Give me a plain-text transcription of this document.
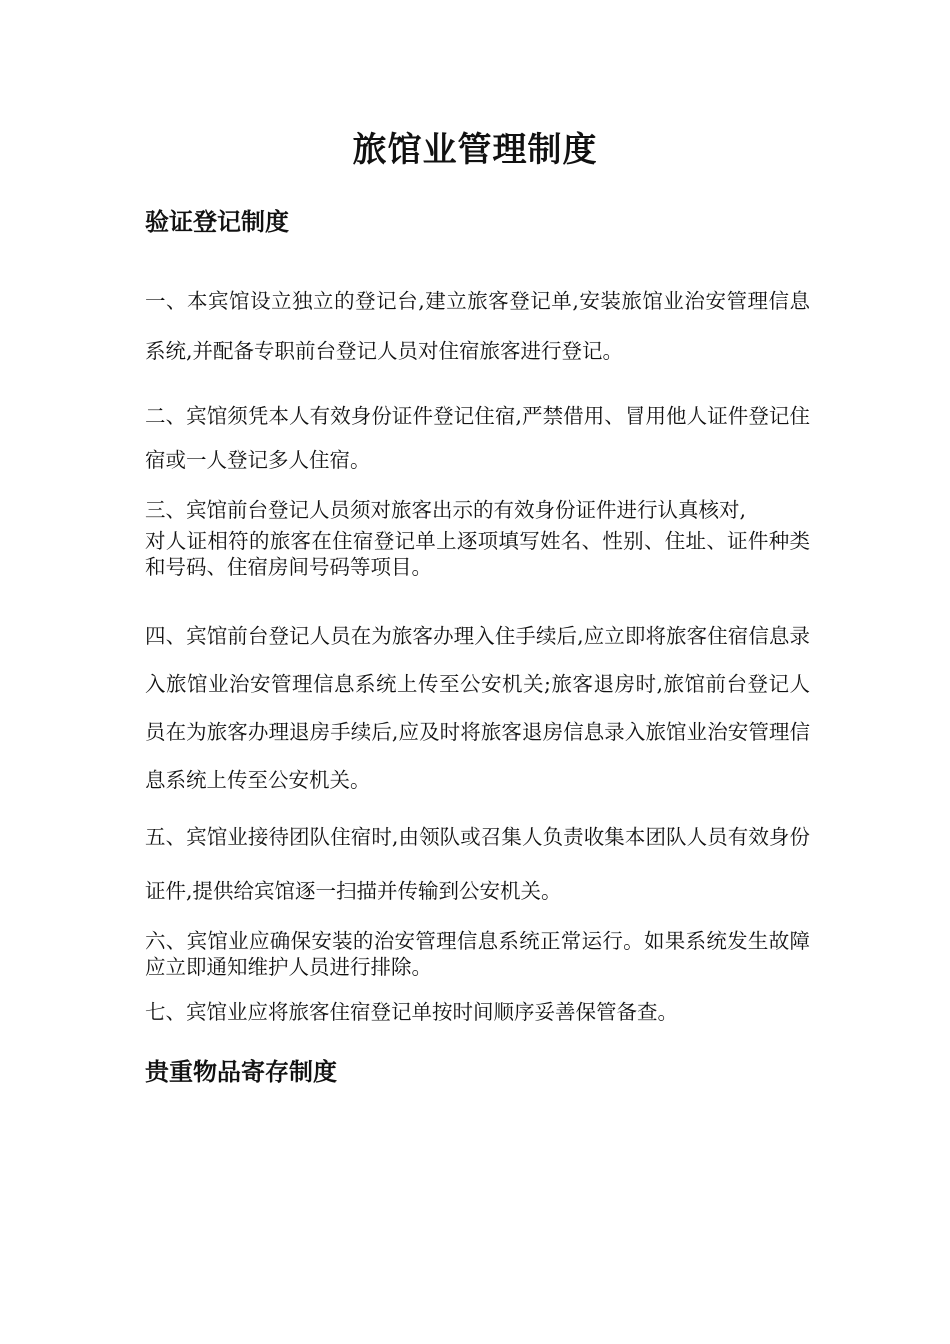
旅馆业管理制度
验证登记制度

一、本宾馆设立独立的登记台,建立旅客登记单,安装旅馆业治安管理信息系统,并配备专职前台登记人员对住宿旅客进行登记。

二、宾馆须凭本人有效身份证件登记住宿,严禁借用、冒用他人证件登记住宿或一人登记多人住宿。

三、宾馆前台登记人员须对旅客出示的有效身份证件进行认真核对,
对人证相符的旅客在住宿登记单上逐项填写姓名、性别、住址、证件种类和号码、住宿房间号码等项目。

四、宾馆前台登记人员在为旅客办理入住手续后,应立即将旅客住宿信息录入旅馆业治安管理信息系统上传至公安机关;旅客退房时,旅馆前台登记人员在为旅客办理退房手续后,应及时将旅客退房信息录入旅馆业治安管理信息系统上传至公安机关。

五、宾馆业接待团队住宿时,由领队或召集人负责收集本团队人员有效身份证件,提供给宾馆逐一扫描并传输到公安机关。

六、宾馆业应确保安装的治安管理信息系统正常运行。如果系统发生故障应立即通知维护人员进行排除。

七、宾馆业应将旅客住宿登记单按时间顺序妥善保管备查。

贵重物品寄存制度
